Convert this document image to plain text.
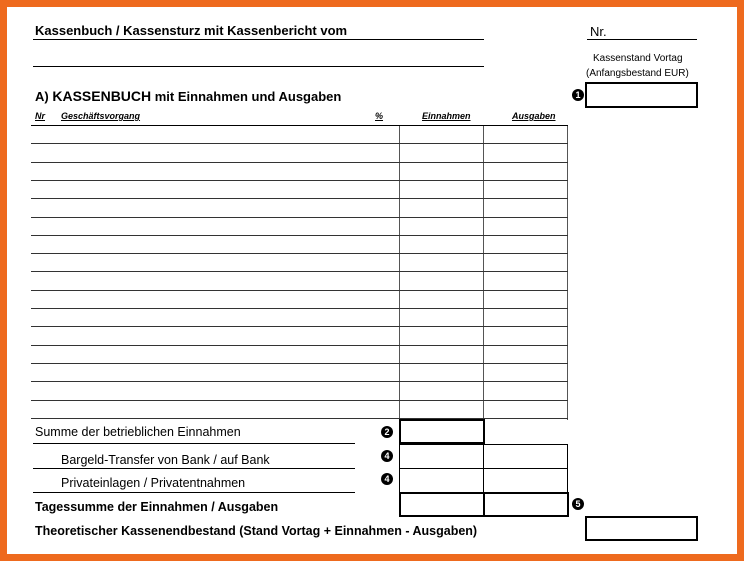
Kassenbuch / Kassensturz mit Kassenbericht vom	Nr.
Kassenstand Vortag
(Anfangsbestand EUR)
1
A) KASSENBUCH mit Einnahmen und Ausgaben
Nr Geschäftsvorgang	%	Einnahmen	Ausgaben
Summe der betrieblichen Einnahmen	2
Bargeld-Transfer von Bank / auf Bank	4
Privateinlagen / Privatentnahmen	4
Tagessumme der Einnahmen / Ausgaben	5
Theoretischer Kassenendbestand (Stand Vortag + Einnahmen - Ausgaben)
